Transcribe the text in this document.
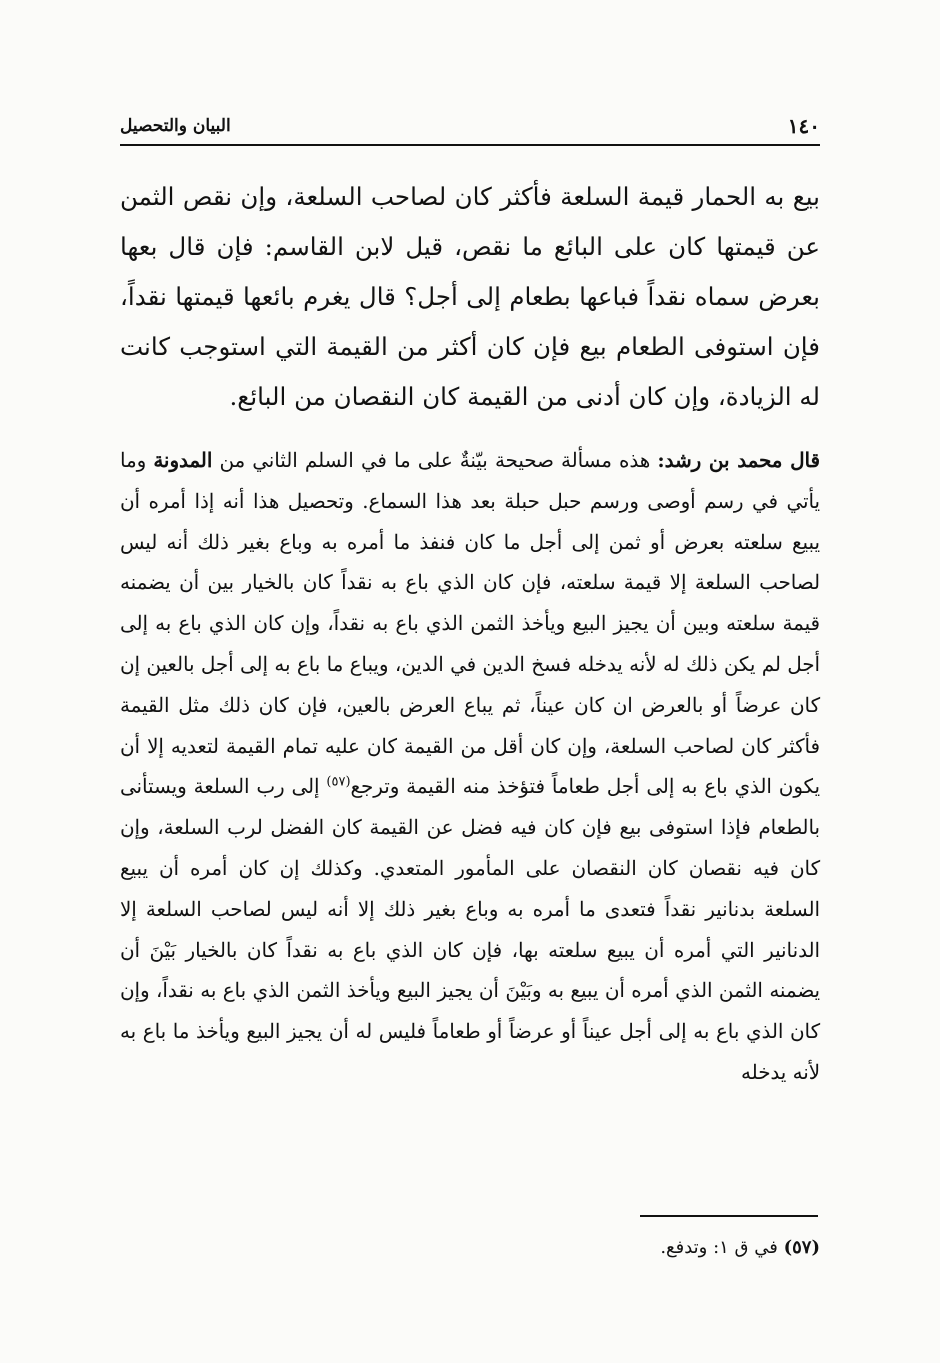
١٤٠
البيان والتحصيل

بيع به الحمار قيمة السلعة فأكثر كان لصاحب السلعة، وإن نقص الثمن عن قيمتها كان على البائع ما نقص، قيل لابن القاسم: فإن قال بعها بعرض سماه نقداً فباعها بطعام إلى أجل؟ قال يغرم بائعها قيمتها نقداً، فإن استوفى الطعام بيع فإن كان أكثر من القيمة التي استوجب كانت له الزيادة، وإن كان أدنى من القيمة كان النقصان من البائع.

قال محمد بن رشد: هذه مسألة صحيحة بيّنةٌ على ما في السلم الثاني من المدونة وما يأتي في رسم أوصى ورسم حبل حبلة بعد هذا السماع. وتحصيل هذا أنه إذا أمره أن يبيع سلعته بعرض أو ثمن إلى أجل ما كان فنفذ ما أمره به وباع بغير ذلك أنه ليس لصاحب السلعة إلا قيمة سلعته، فإن كان الذي باع به نقداً كان بالخيار بين أن يضمنه قيمة سلعته وبين أن يجيز البيع ويأخذ الثمن الذي باع به نقداً، وإن كان الذي باع به إلى أجل لم يكن ذلك له لأنه يدخله فسخ الدين في الدين، ويباع ما باع به إلى أجل بالعين إن كان عرضاً أو بالعرض ان كان عيناً، ثم يباع العرض بالعين، فإن كان ذلك مثل القيمة فأكثر كان لصاحب السلعة، وإن كان أقل من القيمة كان عليه تمام القيمة لتعديه إلا أن يكون الذي باع به إلى أجل طعاماً فتؤخذ منه القيمة وترجع$^{(٥٧)}$ إلى رب السلعة ويستأنى بالطعام فإذا استوفى بيع فإن كان فيه فضل عن القيمة كان الفضل لرب السلعة، وإن كان فيه نقصان كان النقصان على المأمور المتعدي. وكذلك إن كان أمره أن يبيع السلعة بدنانير نقداً فتعدى ما أمره به وباع بغير ذلك إلا أنه ليس لصاحب السلعة إلا الدنانير التي أمره أن يبيع سلعته بها، فإن كان الذي باع به نقداً كان بالخيار بَيْنَ أن يضمنه الثمن الذي أمره أن يبيع به وبَيْنَ أن يجيز البيع ويأخذ الثمن الذي باع به نقداً، وإن كان الذي باع به إلى أجل عيناً أو عرضاً أو طعاماً فليس له أن يجيز البيع ويأخذ ما باع به لأنه يدخله

(٥٧) في ق ١: وتدفع.
